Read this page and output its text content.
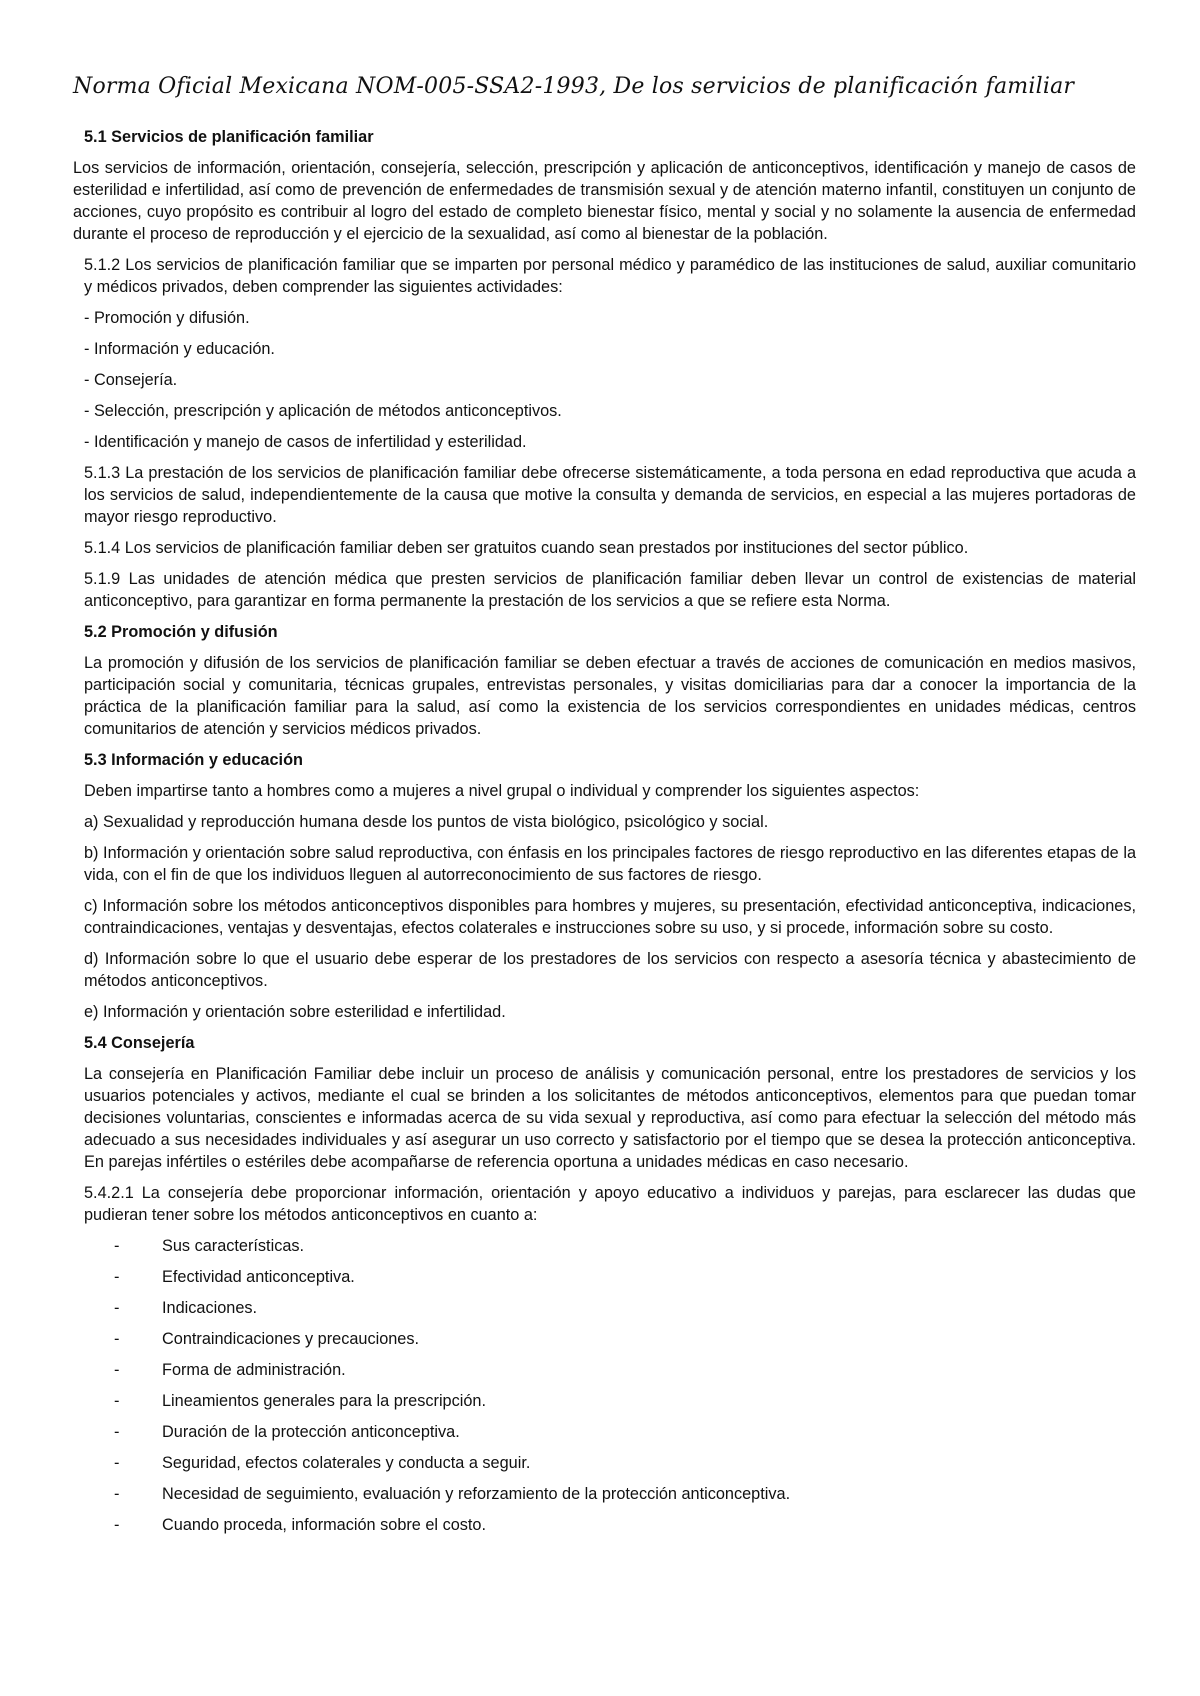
Norma Oficial Mexicana NOM-005-SSA2-1993, De los servicios de planificación familiar
5.1 Servicios de planificación familiar

Los servicios de información, orientación, consejería, selección, prescripción y aplicación de anticonceptivos, identificación y manejo de casos de esterilidad e infertilidad, así como de prevención de enfermedades de transmisión sexual y de atención materno infantil, constituyen un conjunto de acciones, cuyo propósito es contribuir al logro del estado de completo bienestar físico, mental y social y no solamente la ausencia de enfermedad durante el proceso de reproducción y el ejercicio de la sexualidad, así como al bienestar de la población.

5.1.2 Los servicios de planificación familiar que se imparten por personal médico y paramédico de las instituciones de salud, auxiliar comunitario y médicos privados, deben comprender las siguientes actividades:

- Promoción y difusión.
- Información y educación.
- Consejería.
- Selección, prescripción y aplicación de métodos anticonceptivos.
- Identificación y manejo de casos de infertilidad y esterilidad.

5.1.3 La prestación de los servicios de planificación familiar debe ofrecerse sistemáticamente, a toda persona en edad reproductiva que acuda a los servicios de salud, independientemente de la causa que motive la consulta y demanda de servicios, en especial a las mujeres portadoras de mayor riesgo reproductivo.

5.1.4 Los servicios de planificación familiar deben ser gratuitos cuando sean prestados por instituciones del sector público.

5.1.9 Las unidades de atención médica que presten servicios de planificación familiar deben llevar un control de existencias de material anticonceptivo, para garantizar en forma permanente la prestación de los servicios a que se refiere esta Norma.

5.2 Promoción y difusión

La promoción y difusión de los servicios de planificación familiar se deben efectuar a través de acciones de comunicación en medios masivos, participación social y comunitaria, técnicas grupales, entrevistas personales, y visitas domiciliarias para dar a conocer la importancia de la práctica de la planificación familiar para la salud, así como la existencia de los servicios correspondientes en unidades médicas, centros comunitarios de atención y servicios médicos privados.

5.3 Información y educación

Deben impartirse tanto a hombres como a mujeres a nivel grupal o individual y comprender los siguientes aspectos:

a) Sexualidad y reproducción humana desde los puntos de vista biológico, psicológico y social.

b) Información y orientación sobre salud reproductiva, con énfasis en los principales factores de riesgo reproductivo en las diferentes etapas de la vida, con el fin de que los individuos lleguen al autorreconocimiento de sus factores de riesgo.

c) Información sobre los métodos anticonceptivos disponibles para hombres y mujeres, su presentación, efectividad anticonceptiva, indicaciones, contraindicaciones, ventajas y desventajas, efectos colaterales e instrucciones sobre su uso, y si procede, información sobre su costo.

d) Información sobre lo que el usuario debe esperar de los prestadores de los servicios con respecto a asesoría técnica y abastecimiento de métodos anticonceptivos.

e) Información y orientación sobre esterilidad e infertilidad.

5.4 Consejería

La consejería en Planificación Familiar debe incluir un proceso de análisis y comunicación personal, entre los prestadores de servicios y los usuarios potenciales y activos, mediante el cual se brinden a los solicitantes de métodos anticonceptivos, elementos para que puedan tomar decisiones voluntarias, conscientes e informadas acerca de su vida sexual y reproductiva, así como para efectuar la selección del método más adecuado a sus necesidades individuales y así asegurar un uso correcto y satisfactorio por el tiempo que se desea la protección anticonceptiva. En parejas infértiles o estériles debe acompañarse de referencia oportuna a unidades médicas en caso necesario.

5.4.2.1 La consejería debe proporcionar información, orientación y apoyo educativo a individuos y parejas, para esclarecer las dudas que pudieran tener sobre los métodos anticonceptivos en cuanto a:

-	Sus características.
-	Efectividad anticonceptiva.
-	Indicaciones.
-	Contraindicaciones y precauciones.
-	Forma de administración.
-	Lineamientos generales para la prescripción.
-	Duración de la protección anticonceptiva.
-	Seguridad, efectos colaterales y conducta a seguir.
-	Necesidad de seguimiento, evaluación y reforzamiento de la protección anticonceptiva.
-	Cuando proceda, información sobre el costo.
